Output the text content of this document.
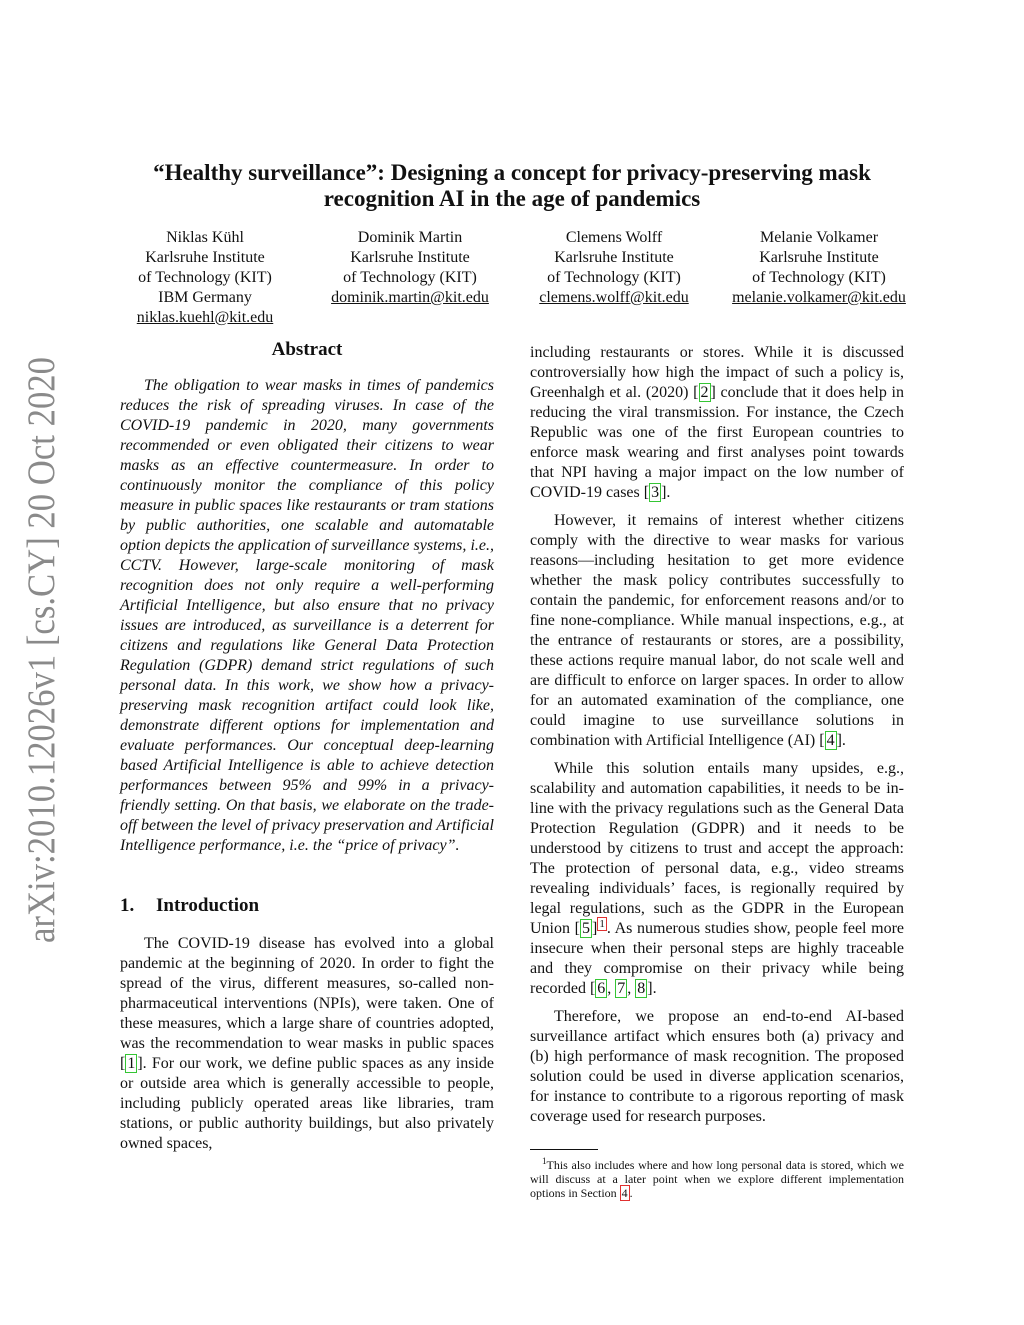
arXiv:2010.12026v1 [cs.CY] 20 Oct 2020
“Healthy surveillance”: Designing a concept for privacy-preserving mask
recognition AI in the age of pandemics
Niklas Kühl
Karlsruhe Institute
of Technology (KIT)
IBM Germany
niklas.kuehl@kit.edu
Dominik Martin
Karlsruhe Institute
of Technology (KIT)
dominik.martin@kit.edu
Clemens Wolff
Karlsruhe Institute
of Technology (KIT)
clemens.wolff@kit.edu
Melanie Volkamer
Karlsruhe Institute
of Technology (KIT)
melanie.volkamer@kit.edu
Abstract

The obligation to wear masks in times of pandemics reduces the risk of spreading viruses. In case of the COVID-19 pandemic in 2020, many governments recommended or even obligated their citizens to wear masks as an effective countermeasure. In order to continuously monitor the compliance of this policy measure in public spaces like restaurants or tram stations by public authorities, one scalable and automatable option depicts the application of surveillance systems, i.e., CCTV. However, large-scale monitoring of mask recognition does not only require a well-performing Artificial Intelligence, but also ensure that no privacy issues are introduced, as surveillance is a deterrent for citizens and regulations like General Data Protection Regulation (GDPR) demand strict regulations of such personal data. In this work, we show how a privacy-preserving mask recognition artifact could look like, demonstrate different options for implementation and evaluate performances. Our conceptual deep-learning based Artificial Intelligence is able to achieve detection performances between 95% and 99% in a privacy-friendly setting. On that basis, we elaborate on the trade-off between the level of privacy preservation and Artificial Intelligence performance, i.e. the “price of privacy”.

1. Introduction

The COVID-19 disease has evolved into a global pandemic at the beginning of 2020. In order to fight the spread of the virus, different measures, so-called non-pharmaceutical interventions (NPIs), were taken. One of these measures, which a large share of countries adopted, was the recommendation to wear masks in public spaces [ 1 ]. For our work, we define public spaces as any inside or outside area which is generally accessible to people, including publicly operated areas like libraries, tram stations, or public authority buildings, but also privately owned spaces,

including restaurants or stores. While it is discussed controversially how high the impact of such a policy is, Greenhalgh et al. (2020) [ 2 ] conclude that it does help in reducing the viral transmission. For instance, the Czech Republic was one of the first European countries to enforce mask wearing and first analyses point towards that NPI having a major impact on the low number of COVID-19 cases [ 3 ].

However, it remains of interest whether citizens comply with the directive to wear masks for various reasons—including hesitation to get more evidence whether the mask policy contributes successfully to contain the pandemic, for enforcement reasons and/or to fine none-compliance. While manual inspections, e.g., at the entrance of restaurants or stores, are a possibility, these actions require manual labor, do not scale well and are difficult to enforce on larger spaces. In order to allow for an automated examination of the compliance, one could imagine to use surveillance solutions in combination with Artificial Intelligence (AI) [ 4 ].

While this solution entails many upsides, e.g., scalability and automation capabilities, it needs to be in-line with the privacy regulations such as the General Data Protection Regulation (GDPR) and it needs to be understood by citizens to trust and accept the approach: The protection of personal data, e.g., video streams revealing individuals’ faces, is regionally required by legal regulations, such as the GDPR in the European Union [ 5 ] $^1$ . As numerous studies show, people feel more insecure when their personal steps are highly traceable and they compromise on their privacy while being recorded [ 6 , 7 , 8 ].

Therefore, we propose an end-to-end AI-based surveillance artifact which ensures both (a) privacy and (b) high performance of mask recognition. The proposed solution could be used in diverse application scenarios, for instance to contribute to a rigorous reporting of mask coverage used for research purposes.

$^1$This also includes where and how long personal data is stored, which we will discuss at a later point when we explore different implementation options in Section 4 .
